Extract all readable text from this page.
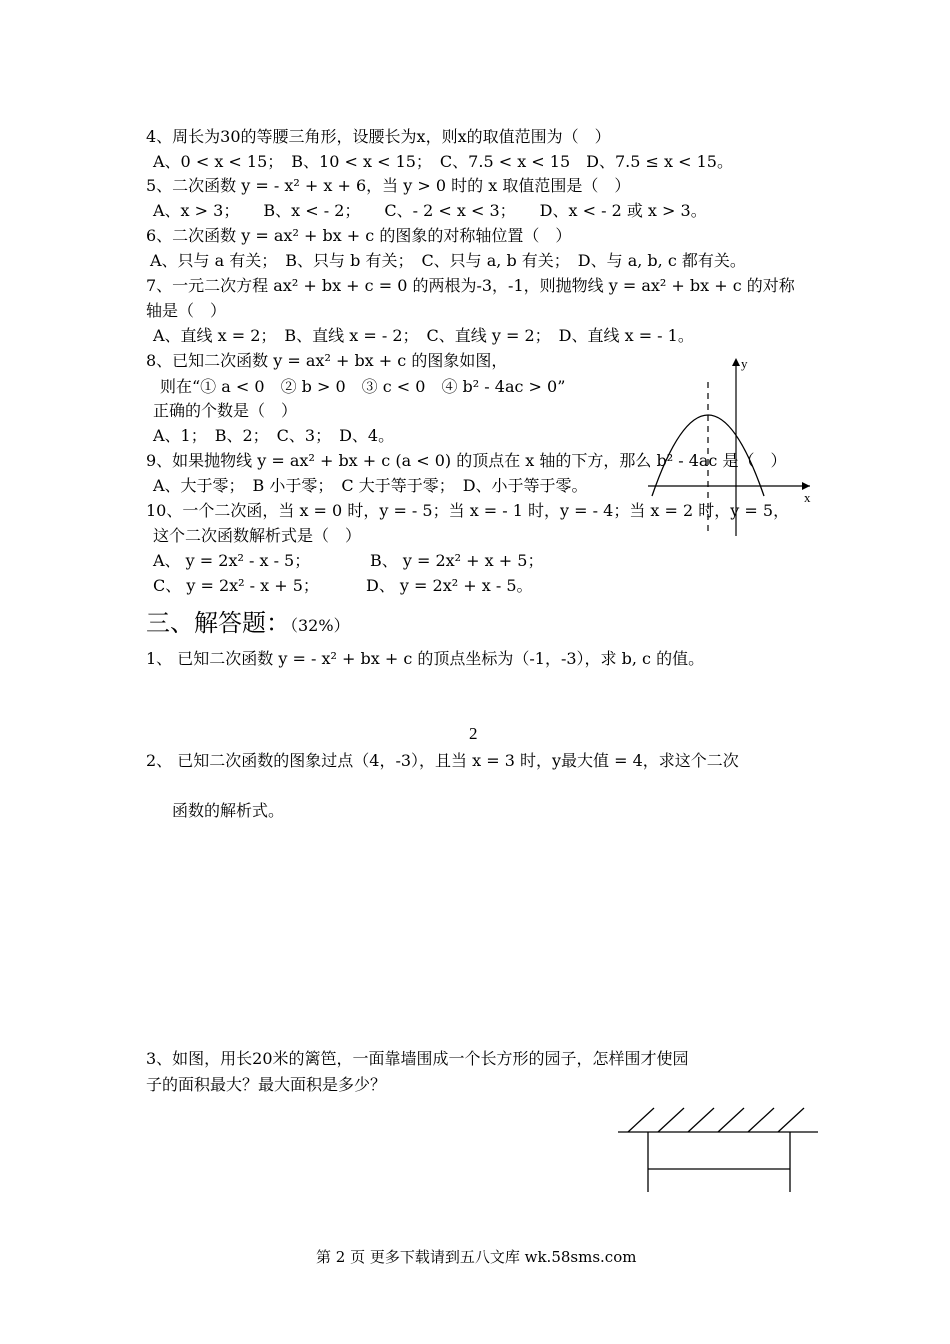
4、周长为30的等腰三角形，设腰长为x，则x的取值范围为（　）
A、0 < x < 15；　B、10 < x < 15；　C、7.5 < x < 15　D、7.5 ≤ x < 15。
5、二次函数 y = - x² + x + 6，当 y > 0 时的 x 取值范围是（　）
A、x > 3；　　B、x < - 2；　　C、- 2 < x < 3；　　D、x < - 2 或 x > 3。
6、二次函数 y = ax² + bx + c 的图象的对称轴位置（　）
A、只与 a 有关；　B、只与 b 有关；　C、只与 a, b 有关；　D、与 a, b, c 都有关。
7、一元二次方程 ax² + bx + c = 0 的两根为-3，-1，则抛物线 y = ax² + bx + c 的对称
轴是（　）
A、直线 x = 2；　B、直线 x = - 2；　C、直线 y = 2；　D、直线 x = - 1。
8、已知二次函数 y = ax² + bx + c 的图象如图，
则在“① a < 0　② b > 0　③ c < 0　④ b² - 4ac > 0”
正确的个数是（　）
A、1；　B、2；　C、3；　D、4。
y
x
9、如果抛物线 y = ax² + bx + c (a < 0) 的顶点在 x 轴的下方，那么 b² - 4ac 是（　）
A、大于零；　B 小于零；　C 大于等于零；　D、小于等于零。
10、一个二次函，当 x = 0 时，y = - 5；当 x = - 1 时，y = - 4；当 x = 2 时，y = 5，
这个二次函数解析式是（　）
A、 y = 2x² - x - 5；	B、 y = 2x² + x + 5；
C、 y = 2x² - x + 5；	D、 y = 2x² + x - 5。
三、解答题：（32%）
1、 已知二次函数 y = - x² + bx + c 的顶点坐标为（-1，-3），求 b, c 的值。
2
2、 已知二次函数的图象过点（4，-3），且当 x = 3 时，y最大值 = 4，求这个二次
函数的解析式。
3、如图，用长20米的篱笆，一面靠墙围成一个长方形的园子，怎样围才使园
子的面积最大？最大面积是多少？
第 2 页 更多下载请到五八文库 wk.58sms.com
